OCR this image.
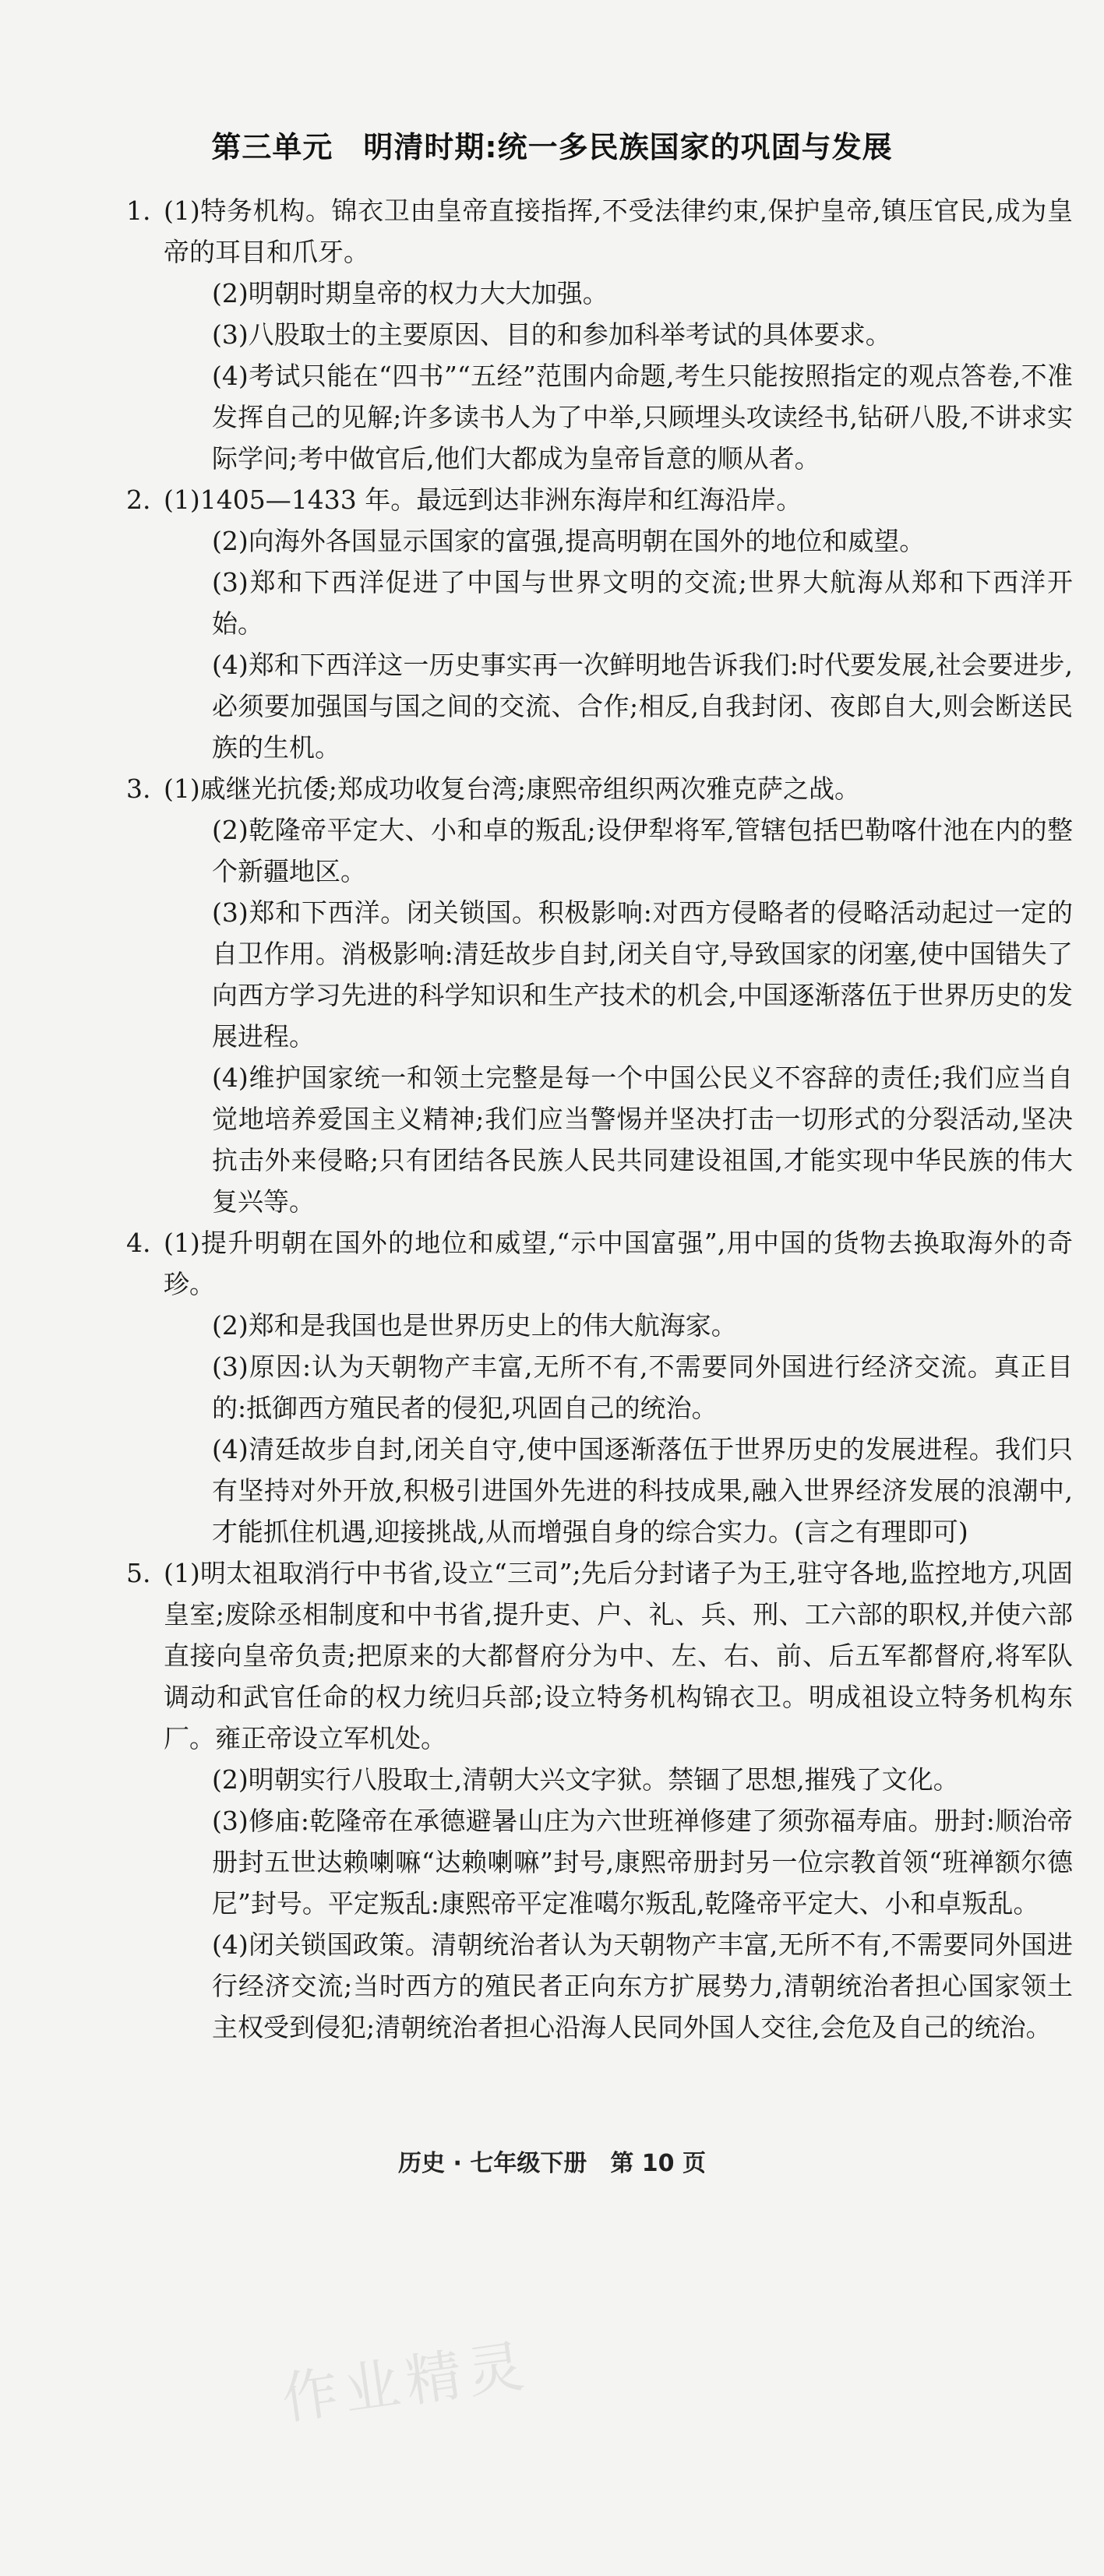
第三单元　明清时期:统一多民族国家的巩固与发展

1. (1)特务机构。锦衣卫由皇帝直接指挥,不受法律约束,保护皇帝,镇压官民,成为皇帝的耳目和爪牙。

(2)明朝时期皇帝的权力大大加强。

(3)八股取士的主要原因、目的和参加科举考试的具体要求。

(4)考试只能在“四书”“五经”范围内命题,考生只能按照指定的观点答卷,不准发挥自己的见解;许多读书人为了中举,只顾埋头攻读经书,钻研八股,不讲求实际学问;考中做官后,他们大都成为皇帝旨意的顺从者。

2. (1)1405—1433 年。最远到达非洲东海岸和红海沿岸。

(2)向海外各国显示国家的富强,提高明朝在国外的地位和威望。

(3)郑和下西洋促进了中国与世界文明的交流;世界大航海从郑和下西洋开始。

(4)郑和下西洋这一历史事实再一次鲜明地告诉我们:时代要发展,社会要进步,必须要加强国与国之间的交流、合作;相反,自我封闭、夜郎自大,则会断送民族的生机。

3. (1)戚继光抗倭;郑成功收复台湾;康熙帝组织两次雅克萨之战。

(2)乾隆帝平定大、小和卓的叛乱;设伊犁将军,管辖包括巴勒喀什池在内的整个新疆地区。

(3)郑和下西洋。闭关锁国。积极影响:对西方侵略者的侵略活动起过一定的自卫作用。消极影响:清廷故步自封,闭关自守,导致国家的闭塞,使中国错失了向西方学习先进的科学知识和生产技术的机会,中国逐渐落伍于世界历史的发展进程。

(4)维护国家统一和领土完整是每一个中国公民义不容辞的责任;我们应当自觉地培养爱国主义精神;我们应当警惕并坚决打击一切形式的分裂活动,坚决抗击外来侵略;只有团结各民族人民共同建设祖国,才能实现中华民族的伟大复兴等。

4. (1)提升明朝在国外的地位和威望,“示中国富强”,用中国的货物去换取海外的奇珍。

(2)郑和是我国也是世界历史上的伟大航海家。

(3)原因:认为天朝物产丰富,无所不有,不需要同外国进行经济交流。真正目的:抵御西方殖民者的侵犯,巩固自己的统治。

(4)清廷故步自封,闭关自守,使中国逐渐落伍于世界历史的发展进程。我们只有坚持对外开放,积极引进国外先进的科技成果,融入世界经济发展的浪潮中,才能抓住机遇,迎接挑战,从而增强自身的综合实力。(言之有理即可)

5. (1)明太祖取消行中书省,设立“三司”;先后分封诸子为王,驻守各地,监控地方,巩固皇室;废除丞相制度和中书省,提升吏、户、礼、兵、刑、工六部的职权,并使六部直接向皇帝负责;把原来的大都督府分为中、左、右、前、后五军都督府,将军队调动和武官任命的权力统归兵部;设立特务机构锦衣卫。明成祖设立特务机构东厂。雍正帝设立军机处。

(2)明朝实行八股取士,清朝大兴文字狱。禁锢了思想,摧残了文化。

(3)修庙:乾隆帝在承德避暑山庄为六世班禅修建了须弥福寿庙。册封:顺治帝册封五世达赖喇嘛“达赖喇嘛”封号,康熙帝册封另一位宗教首领“班禅额尔德尼”封号。平定叛乱:康熙帝平定准噶尔叛乱,乾隆帝平定大、小和卓叛乱。

(4)闭关锁国政策。清朝统治者认为天朝物产丰富,无所不有,不需要同外国进行经济交流;当时西方的殖民者正向东方扩展势力,清朝统治者担心国家领土主权受到侵犯;清朝统治者担心沿海人民同外国人交往,会危及自己的统治。

历史 · 七年级下册　第 10 页
作业精灵
